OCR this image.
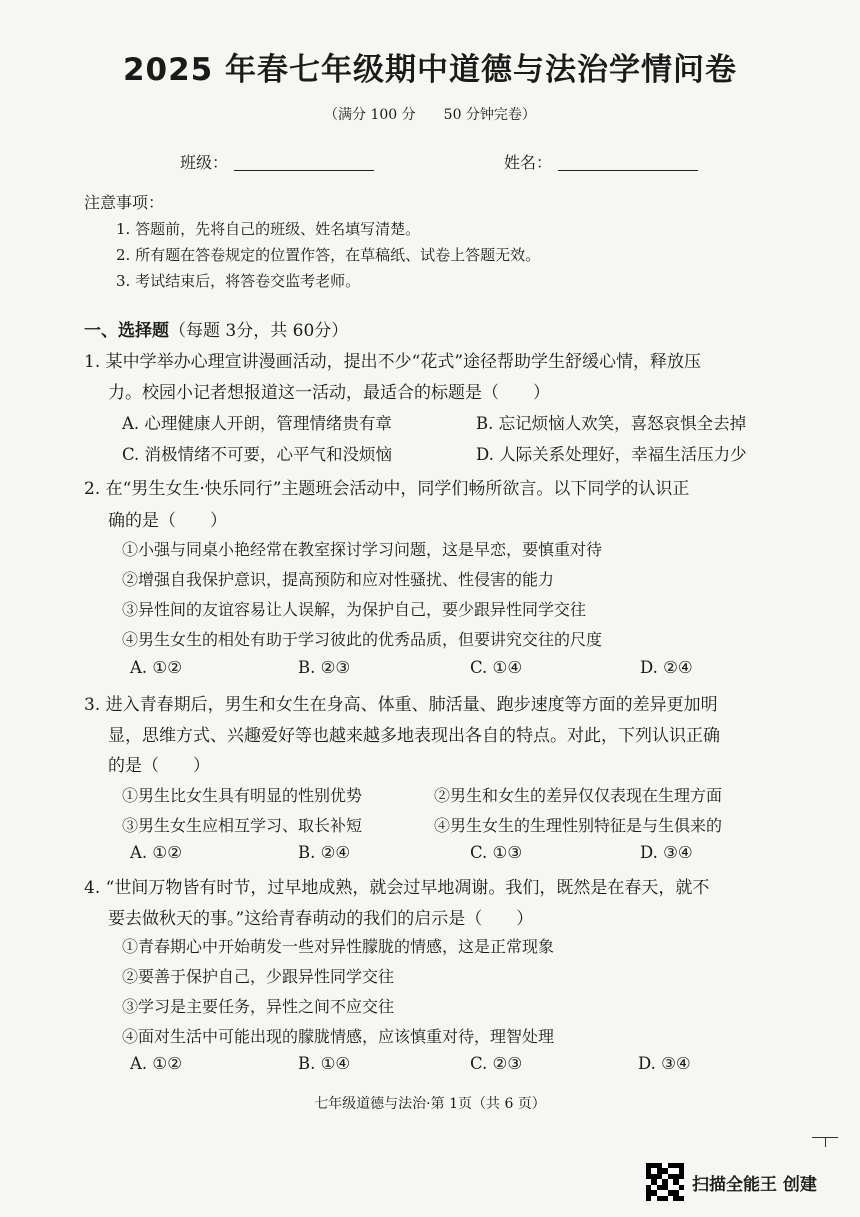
2025 年春七年级期中道德与法治学情问卷
（满分 100 分　　50 分钟完卷）
班级：	姓名：
注意事项：
1. 答题前，先将自己的班级、姓名填写清楚。
2. 所有题在答卷规定的位置作答，在草稿纸、试卷上答题无效。
3. 考试结束后，将答卷交监考老师。
一、选择题（每题 3分，共 60分）
1. 某中学举办心理宣讲漫画活动，提出不少“花式”途径帮助学生舒缓心情，释放压
力。校园小记者想报道这一活动，最适合的标题是（　　）
A. 心理健康人开朗，管理情绪贵有章	B. 忘记烦恼人欢笑，喜怒哀惧全去掉
C. 消极情绪不可要，心平气和没烦恼	D. 人际关系处理好，幸福生活压力少
2. 在“男生女生·快乐同行”主题班会活动中，同学们畅所欲言。以下同学的认识正
确的是（　　）
①小强与同桌小艳经常在教室探讨学习问题，这是早恋，要慎重对待
②增强自我保护意识，提高预防和应对性骚扰、性侵害的能力
③异性间的友谊容易让人误解，为保护自己，要少跟异性同学交往
④男生女生的相处有助于学习彼此的优秀品质，但要讲究交往的尺度
A. ①②	B. ②③	C. ①④	D. ②④
3. 进入青春期后，男生和女生在身高、体重、肺活量、跑步速度等方面的差异更加明
显，思维方式、兴趣爱好等也越来越多地表现出各自的特点。对此，下列认识正确
的是（　　）
①男生比女生具有明显的性别优势	②男生和女生的差异仅仅表现在生理方面
③男生女生应相互学习、取长补短	④男生女生的生理性别特征是与生俱来的
A. ①②	B. ②④	C. ①③	D. ③④
4. “世间万物皆有时节，过早地成熟，就会过早地凋谢。我们，既然是在春天，就不
要去做秋天的事。”这给青春萌动的我们的启示是（　　）
①青春期心中开始萌发一些对异性朦胧的情感，这是正常现象
②要善于保护自己，少跟异性同学交往
③学习是主要任务，异性之间不应交往
④面对生活中可能出现的朦胧情感，应该慎重对待，理智处理
A. ①②	B. ①④	C. ②③	D. ③④
七年级道德与法治·第 1页（共 6 页）
扫描全能王 创建
